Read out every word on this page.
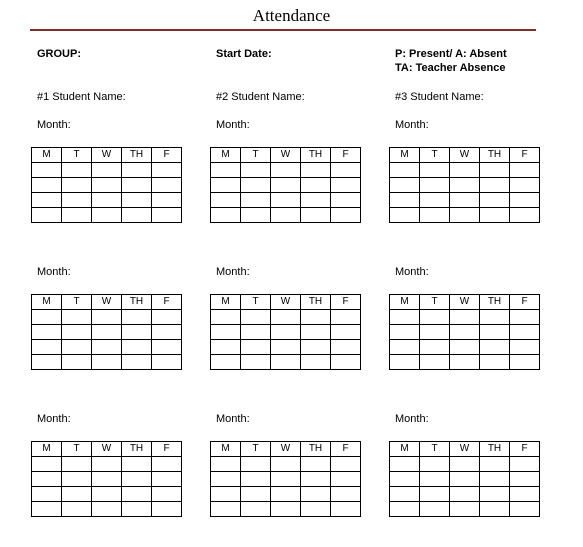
Attendance
GROUP:	Start Date:	P: Present/ A: Absent
TA: Teacher Absence
#1 Student Name:	#2 Student Name:	#3 Student Name:
Month:
M	T	W	TH	F

Month:
M	T	W	TH	F

Month:
M	T	W	TH	F

Month:
M	T	W	TH	F

Month:
M	T	W	TH	F

Month:
M	T	W	TH	F

Month:
M	T	W	TH	F

Month:
M	T	W	TH	F

Month:
M	T	W	TH	F
